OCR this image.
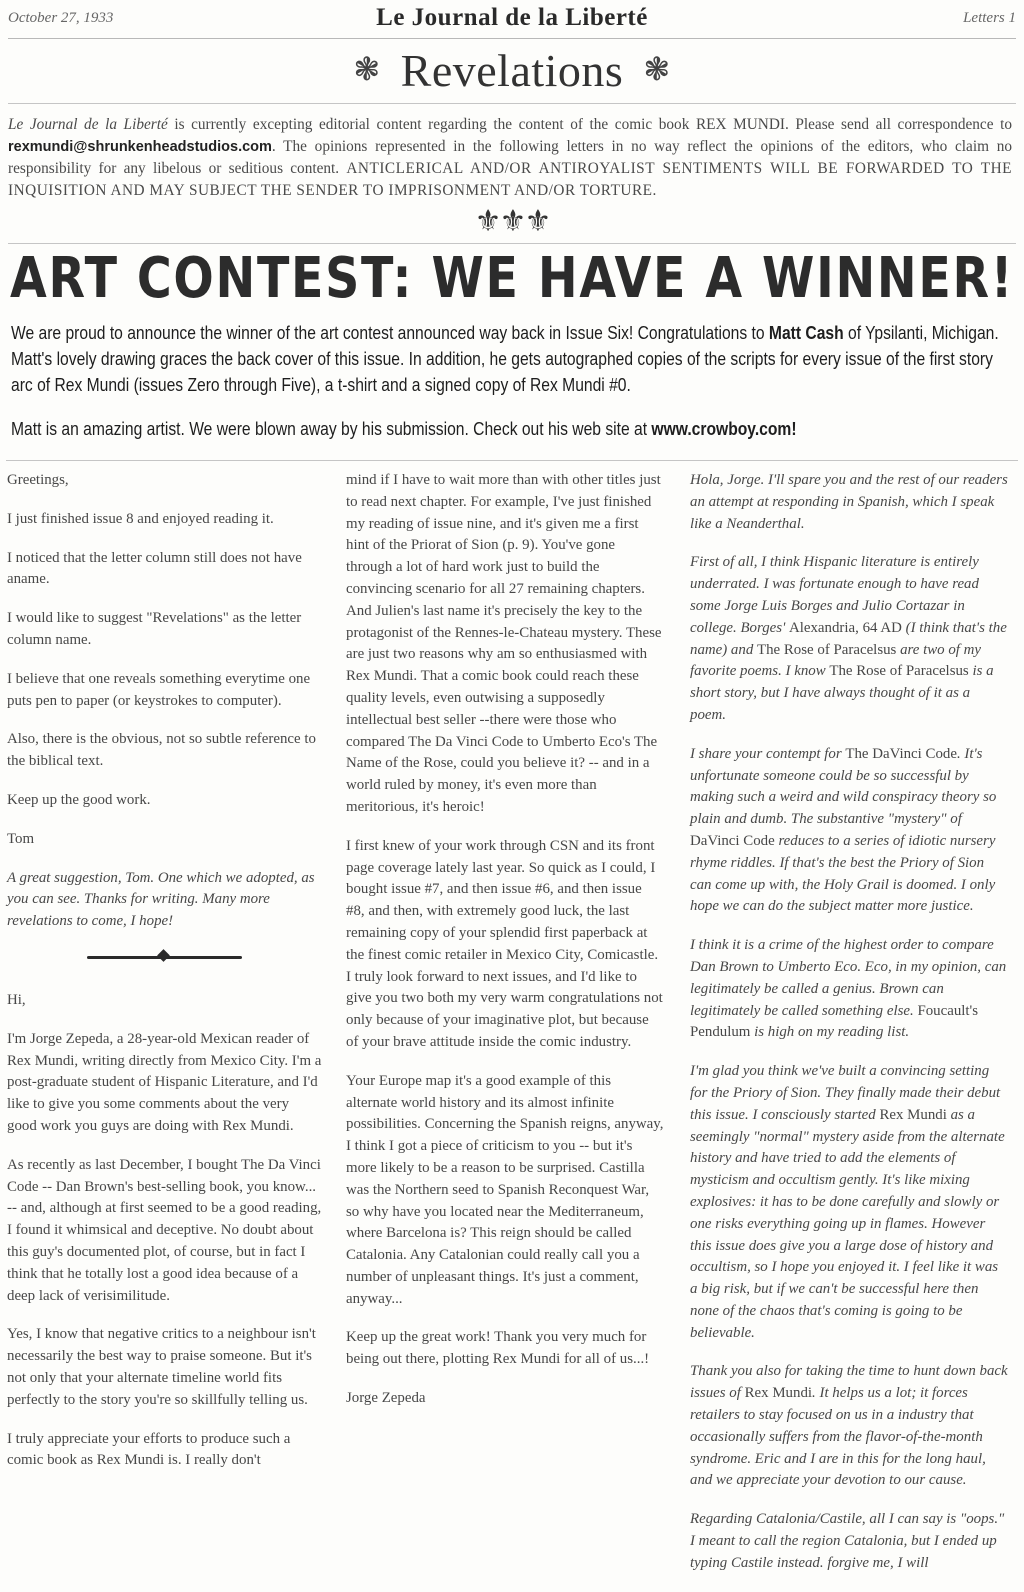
October 27, 1933	Le Journal de la Liberté	Letters 1
❃ Revelations ❃
Le Journal de la Liberté is currently excepting editorial content regarding the content of the comic book REX MUNDI. Please send all correspondence to rexmundi@shrunkenheadstudios.com. The opinions represented in the following letters in no way reflect the opinions of the editors, who claim no responsibility for any libelous or seditious content. ANTICLERICAL AND/OR ANTIROYALIST SENTIMENTS WILL BE FORWARDED TO THE INQUISITION AND MAY SUBJECT THE SENDER TO IMPRISONMENT AND/OR TORTURE.
⚜⚜⚜
ART CONTEST: WE HAVE A WINNER!
We are proud to announce the winner of the art contest announced way back in Issue Six! Congratulations to Matt Cash of Ypsilanti, Michigan. Matt's lovely drawing graces the back cover of this issue. In addition, he gets autographed copies of the scripts for every issue of the first story arc of Rex Mundi (issues Zero through Five), a t-shirt and a signed copy of Rex Mundi #0.
Matt is an amazing artist. We were blown away by his submission. Check out his web site at www.crowboy.com!

Greetings,

I just finished issue 8 and enjoyed reading it.

I noticed that the letter column still does not have aname.

I would like to suggest "Revelations" as the letter column name.

I believe that one reveals something everytime one puts pen to paper (or keystrokes to computer).

Also, there is the obvious, not so subtle reference to the biblical text.

Keep up the good work.

Tom

A great suggestion, Tom. One which we adopted, as you can see. Thanks for writing. Many more revelations to come, I hope!

Hi,

I'm Jorge Zepeda, a 28-year-old Mexican reader of Rex Mundi, writing directly from Mexico City. I'm a post-graduate student of Hispanic Literature, and I'd like to give you some comments about the very good work you guys are doing with Rex Mundi.

As recently as last December, I bought The Da Vinci Code -- Dan Brown's best-selling book, you know... -- and, although at first seemed to be a good reading, I found it whimsical and deceptive. No doubt about this guy's documented plot, of course, but in fact I think that he totally lost a good idea because of a deep lack of verisimilitude.

Yes, I know that negative critics to a neighbour isn't necessarily the best way to praise someone. But it's not only that your alternate timeline world fits perfectly to the story you're so skillfully telling us.

I truly appreciate your efforts to produce such a comic book as Rex Mundi is. I really don't

mind if I have to wait more than with other titles just to read next chapter. For example, I've just finished my reading of issue nine, and it's given me a first hint of the Priorat of Sion (p. 9). You've gone through a lot of hard work just to build the convincing scenario for all 27 remaining chapters. And Julien's last name it's precisely the key to the protagonist of the Rennes-le-Chateau mystery. These are just two reasons why am so enthusiasmed with Rex Mundi. That a comic book could reach these quality levels, even outwising a supposedly intellectual best seller --there were those who compared The Da Vinci Code to Umberto Eco's The Name of the Rose, could you believe it? -- and in a world ruled by money, it's even more than meritorious, it's heroic!

I first knew of your work through CSN and its front page coverage lately last year. So quick as I could, I bought issue #7, and then issue #6, and then issue #8, and then, with extremely good luck, the last remaining copy of your splendid first paperback at the finest comic retailer in Mexico City, Comicastle. I truly look forward to next issues, and I'd like to give you two both my very warm congratulations not only because of your imaginative plot, but because of your brave attitude inside the comic industry.

Your Europe map it's a good example of this alternate world history and its almost infinite possibilities. Concerning the Spanish reigns, anyway, I think I got a piece of criticism to you -- but it's more likely to be a reason to be surprised. Castilla was the Northern seed to Spanish Reconquest War, so why have you located near the Mediterraneum, where Barcelona is? This reign should be called Catalonia. Any Catalonian could really call you a number of unpleasant things. It's just a comment, anyway...

Keep up the great work! Thank you very much for being out there, plotting Rex Mundi for all of us...!

Jorge Zepeda

Hola, Jorge. I'll spare you and the rest of our readers an attempt at responding in Spanish, which I speak like a Neanderthal.

First of all, I think Hispanic literature is entirely underrated. I was fortunate enough to have read some Jorge Luis Borges and Julio Cortazar in college. Borges' Alexandria, 64 AD (I think that's the name) and The Rose of Paracelsus are two of my favorite poems. I know The Rose of Paracelsus is a short story, but I have always thought of it as a poem.

I share your contempt for The DaVinci Code. It's unfortunate someone could be so successful by making such a weird and wild conspiracy theory so plain and dumb. The substantive "mystery" of DaVinci Code reduces to a series of idiotic nursery rhyme riddles. If that's the best the Priory of Sion can come up with, the Holy Grail is doomed. I only hope we can do the subject matter more justice.

I think it is a crime of the highest order to compare Dan Brown to Umberto Eco. Eco, in my opinion, can legitimately be called a genius. Brown can legitimately be called something else. Foucault's Pendulum is high on my reading list.

I'm glad you think we've built a convincing setting for the Priory of Sion. They finally made their debut this issue. I consciously started Rex Mundi as a seemingly "normal" mystery aside from the alternate history and have tried to add the elements of mysticism and occultism gently. It's like mixing explosives: it has to be done carefully and slowly or one risks everything going up in flames. However this issue does give you a large dose of history and occultism, so I hope you enjoyed it. I feel like it was a big risk, but if we can't be successful here then none of the chaos that's coming is going to be believable.

Thank you also for taking the time to hunt down back issues of Rex Mundi. It helps us a lot; it forces retailers to stay focused on us in a industry that occasionally suffers from the flavor-of-the-month syndrome. Eric and I are in this for the long haul, and we appreciate your devotion to our cause.

Regarding Catalonia/Castile, all I can say is "oops." I meant to call the region Catalonia, but I ended up typing Castile instead. forgive me, I will
